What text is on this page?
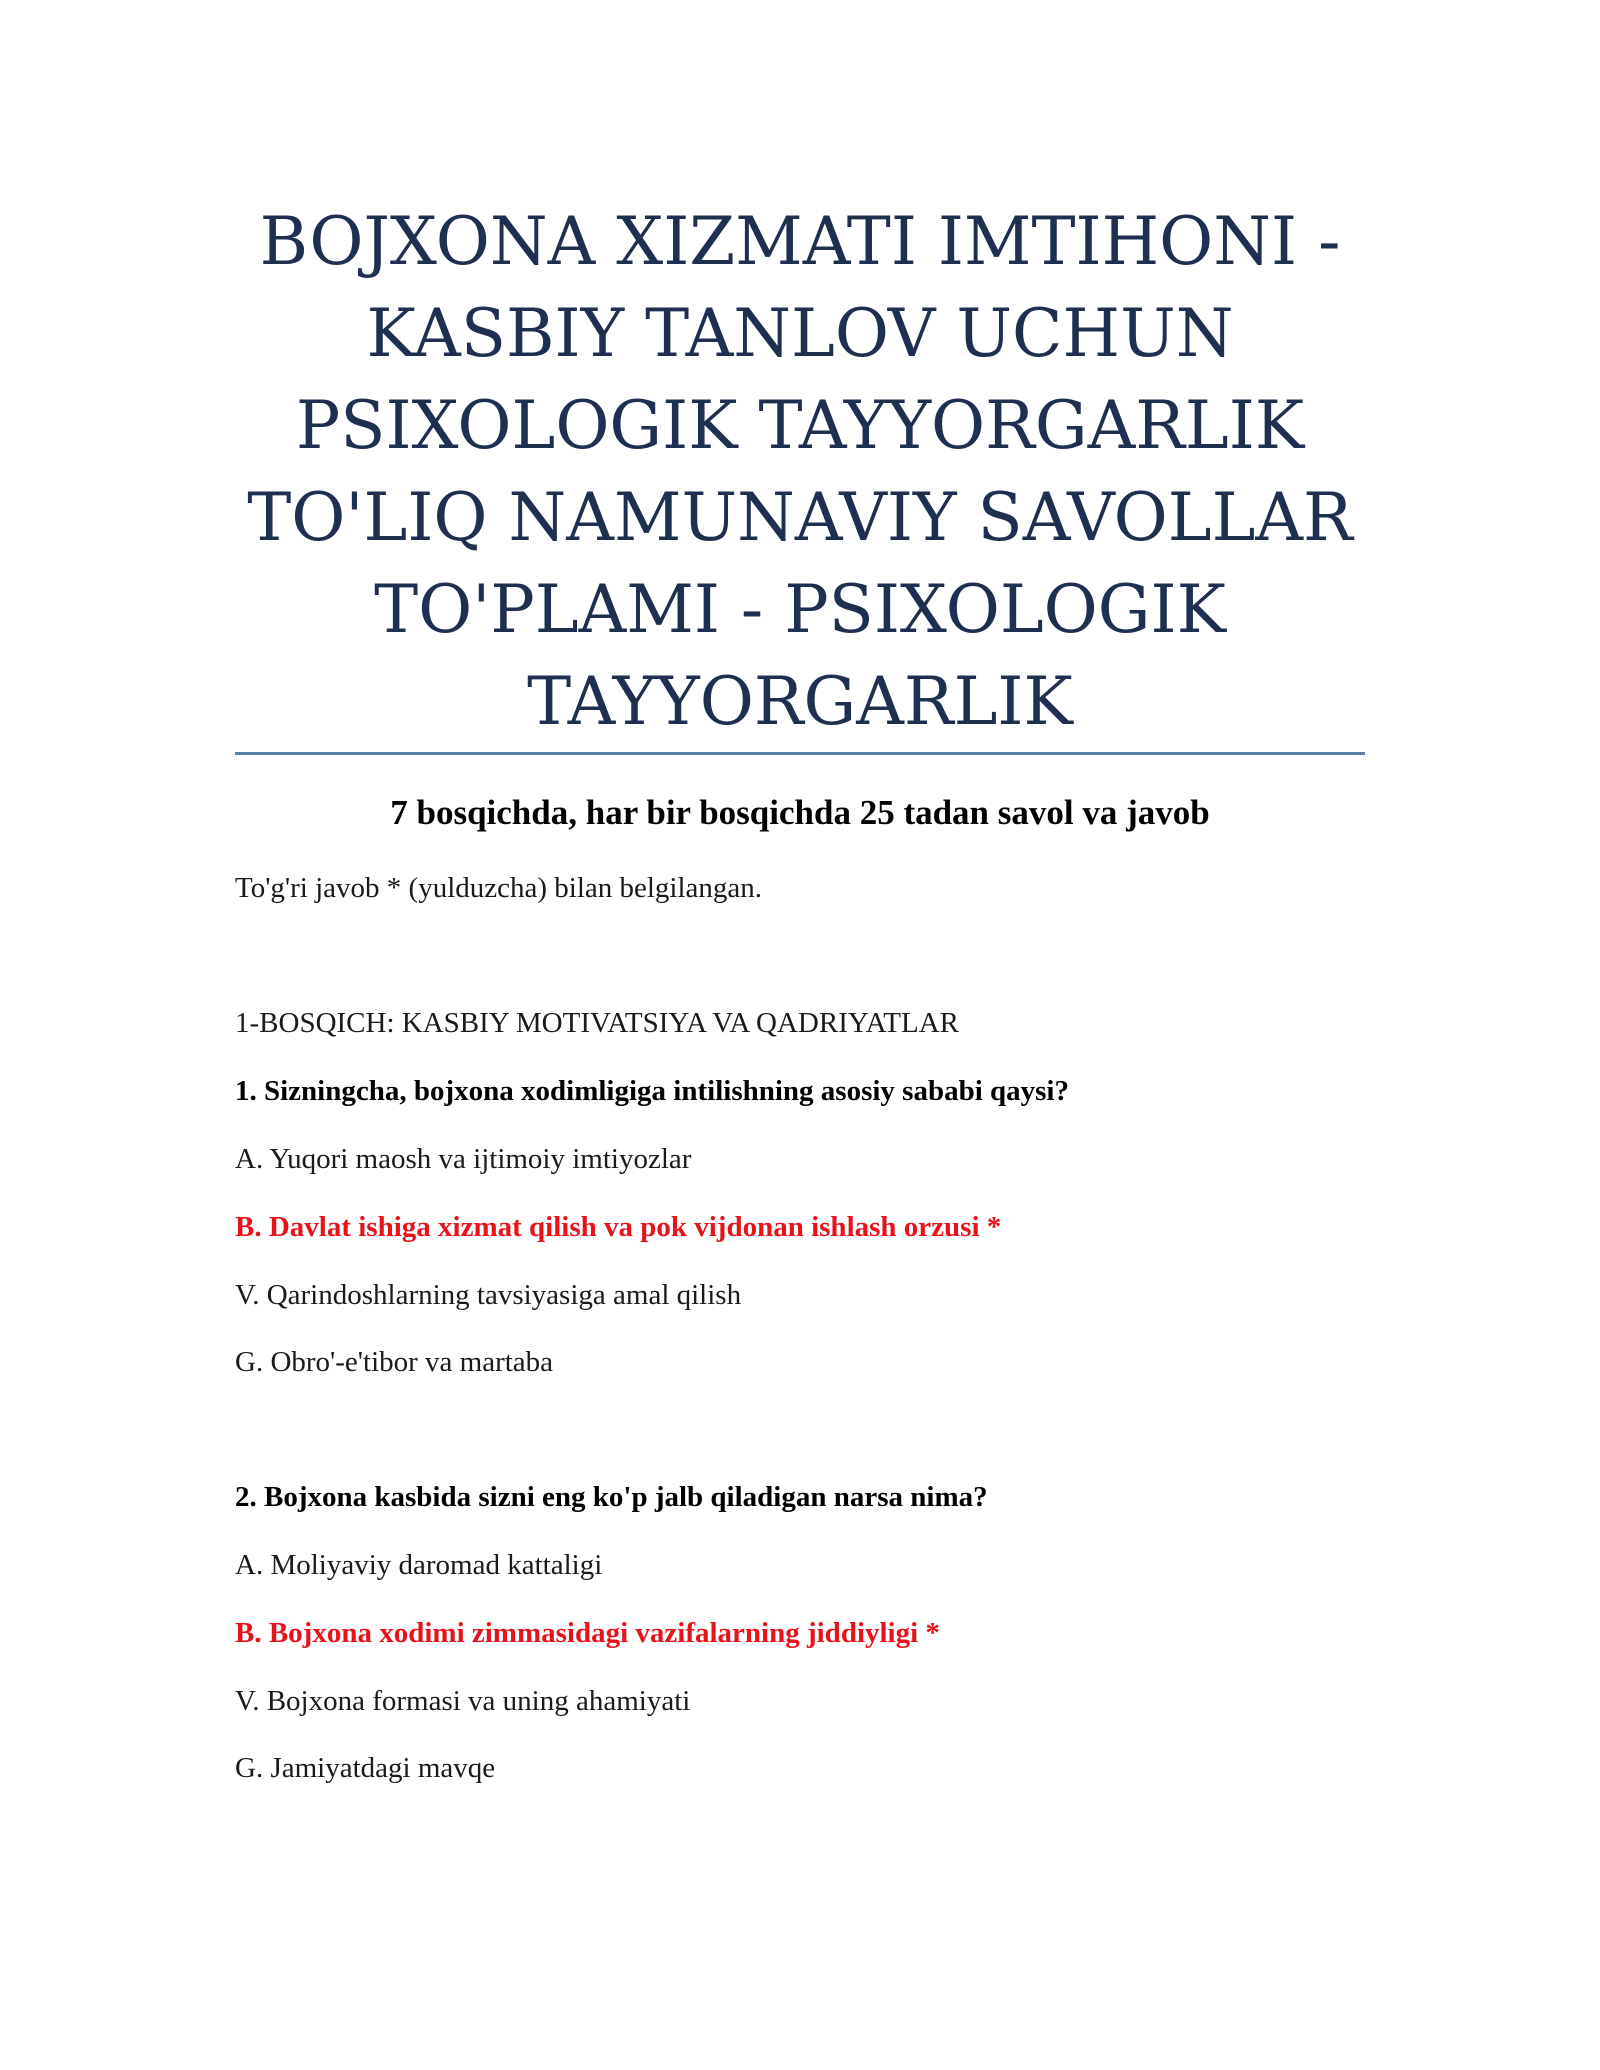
BOJXONA XIZMATI IMTIHONI -
KASBIY TANLOV UCHUN
PSIXOLOGIK TAYYORGARLIK
TO'LIQ NAMUNAVIY SAVOLLAR
TO'PLAMI - PSIXOLOGIK
TAYYORGARLIK

7 bosqichda, har bir bosqichda 25 tadan savol va javob

To'g'ri javob * (yulduzcha) bilan belgilangan.

1-BOSQICH: KASBIY MOTIVATSIYA VA QADRIYATLAR

1. Sizningcha, bojxona xodimligiga intilishning asosiy sababi qaysi?

A. Yuqori maosh va ijtimoiy imtiyozlar

B. Davlat ishiga xizmat qilish va pok vijdonan ishlash orzusi *

V. Qarindoshlarning tavsiyasiga amal qilish

G. Obro'-e'tibor va martaba

2. Bojxona kasbida sizni eng ko'p jalb qiladigan narsa nima?

A. Moliyaviy daromad kattaligi

B. Bojxona xodimi zimmasidagi vazifalarning jiddiyligi *

V. Bojxona formasi va uning ahamiyati

G. Jamiyatdagi mavqe
